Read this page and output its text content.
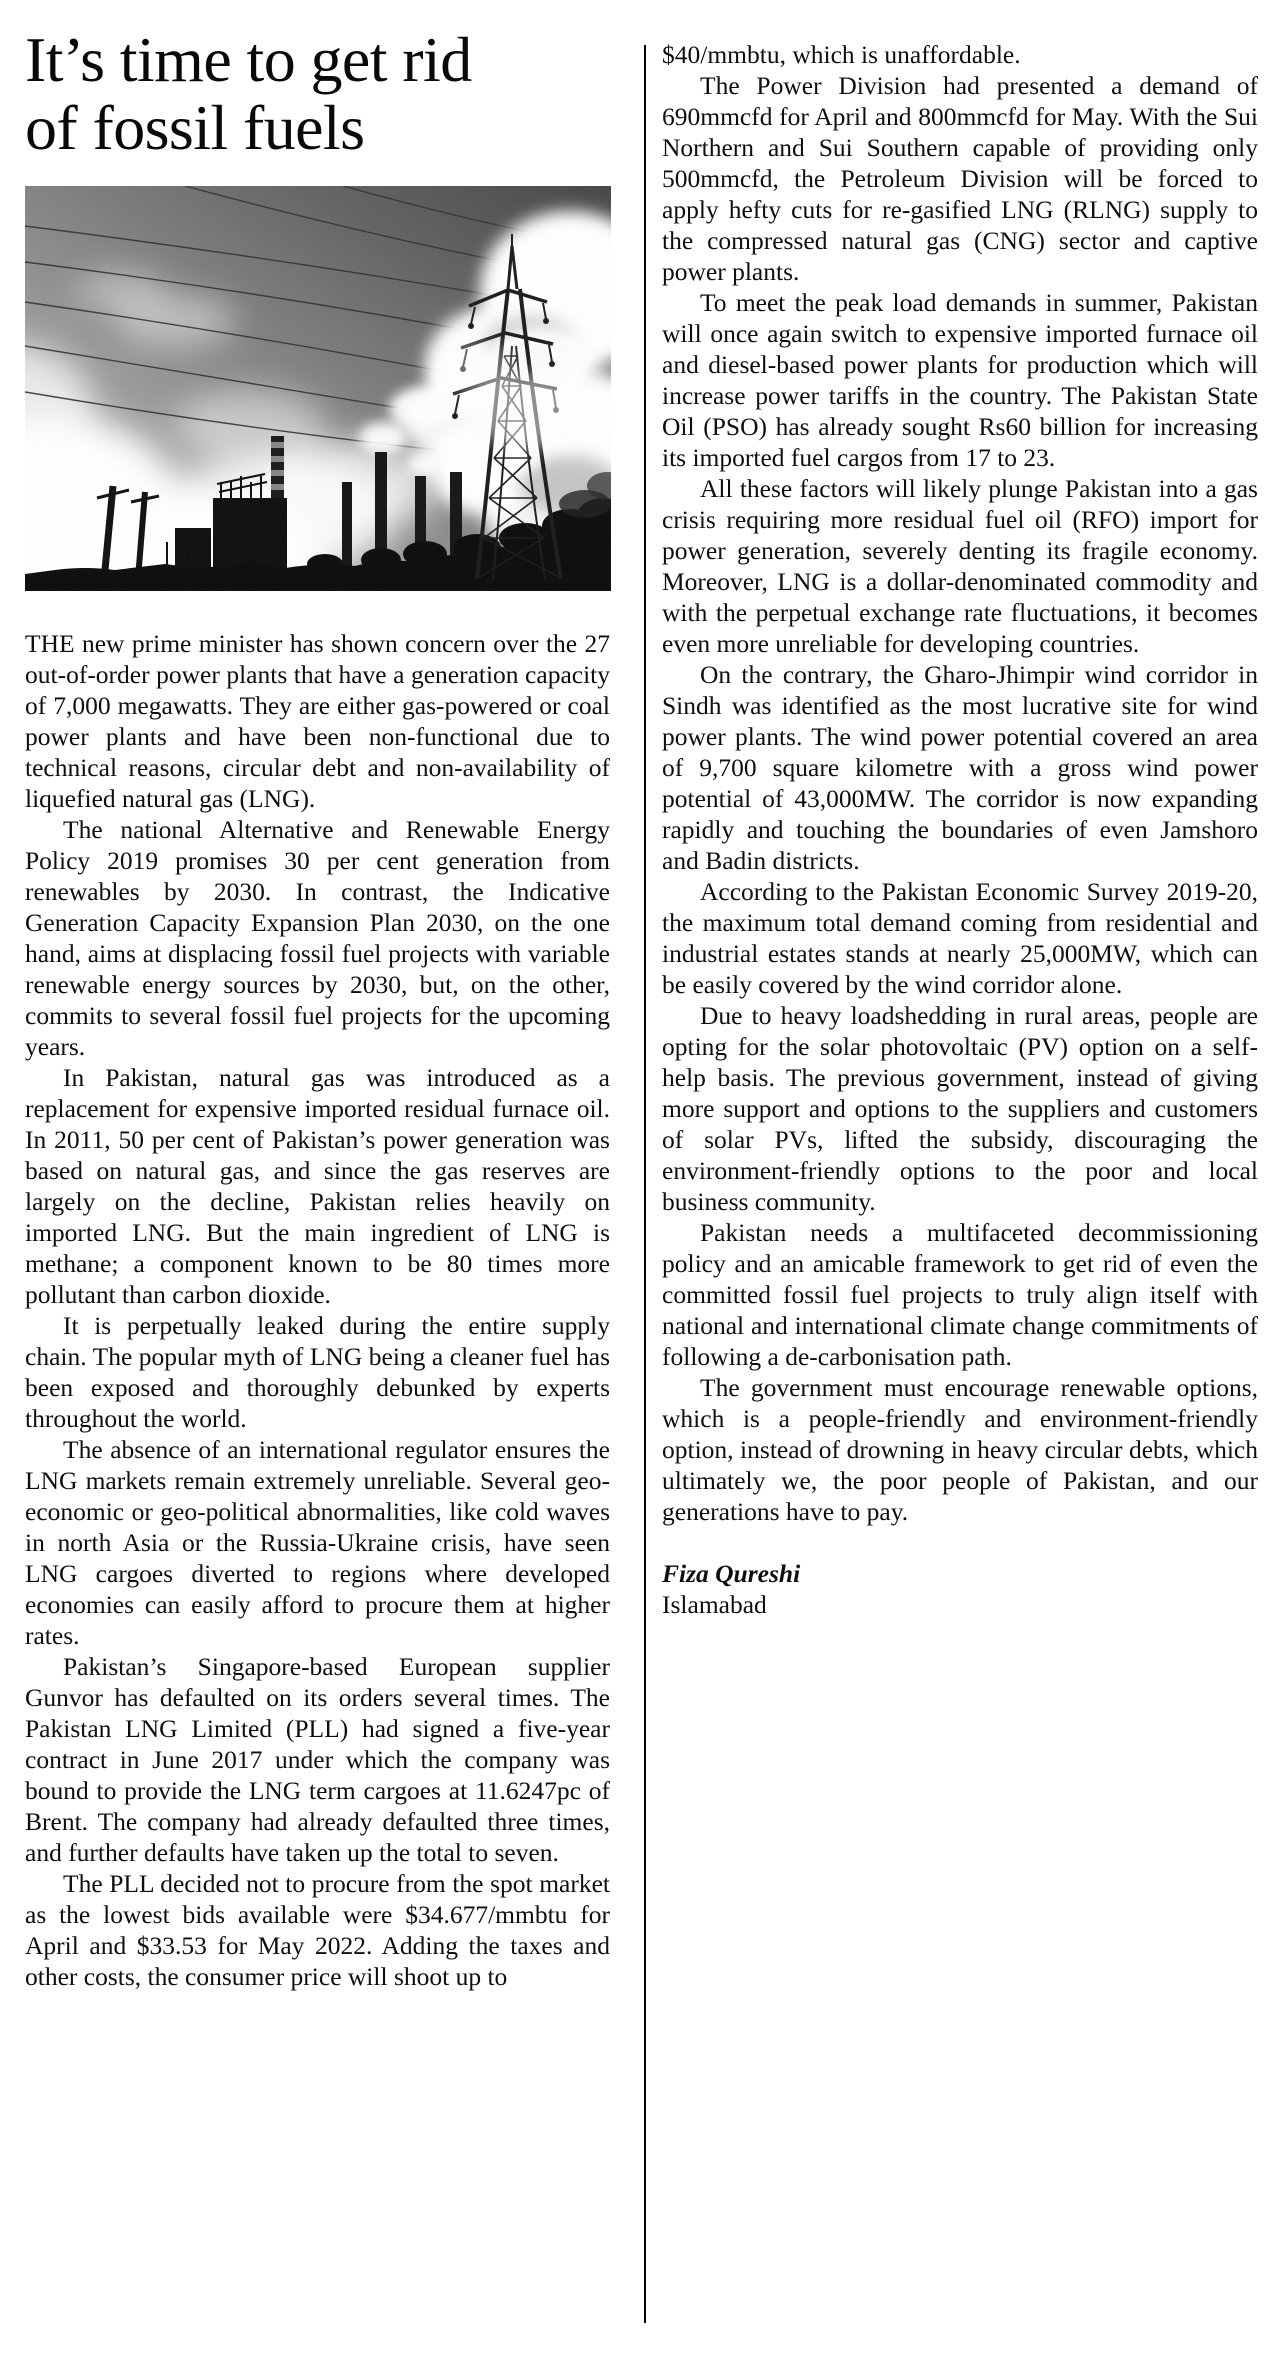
It’s time to get rid
of fossil fuels

THE new prime minister has shown concern over the 27 out-of-order power plants that have a generation capacity of 7,000 megawatts. They are either gas-powered or coal power plants and have been non-functional due to technical reasons, circular debt and non-availability of liquefied natural gas (LNG).

The national Alternative and Renewable Energy Policy 2019 promises 30 per cent generation from renewables by 2030. In contrast, the Indicative Generation Capacity Expansion Plan 2030, on the one hand, aims at displacing fossil fuel projects with variable renewable energy sources by 2030, but, on the other, commits to several fossil fuel projects for the upcoming years.

In Pakistan, natural gas was introduced as a replacement for expensive imported residual furnace oil. In 2011, 50 per cent of Pakistan’s power generation was based on natural gas, and since the gas reserves are largely on the decline, Pakistan relies heavily on imported LNG. But the main ingredient of LNG is methane; a component known to be 80 times more pollutant than carbon dioxide.

It is perpetually leaked during the entire supply chain. The popular myth of LNG being a cleaner fuel has been exposed and thoroughly debunked by experts throughout the world.

The absence of an international regulator ensures the LNG markets remain extremely unreliable. Several geo-economic or geo-political abnormalities, like cold waves in north Asia or the Russia-Ukraine crisis, have seen LNG cargoes diverted to regions where developed economies can easily afford to procure them at higher rates.

Pakistan’s Singapore-based European supplier Gunvor has defaulted on its orders several times. The Pakistan LNG Limited (PLL) had signed a five-year contract in June 2017 under which the company was bound to provide the LNG term cargoes at 11.6247pc of Brent. The company had already defaulted three times, and further defaults have taken up the total to seven.

The PLL decided not to procure from the spot market as the lowest bids available were $34.677/mmbtu for April and $33.53 for May 2022. Adding the taxes and other costs, the consumer price will shoot up to

$40/mmbtu, which is unaffordable.

The Power Division had presented a demand of 690mmcfd for April and 800mmcfd for May. With the Sui Northern and Sui Southern capable of providing only 500mmcfd, the Petroleum Division will be forced to apply hefty cuts for re-gasified LNG (RLNG) supply to the compressed natural gas (CNG) sector and captive power plants.

To meet the peak load demands in summer, Pakistan will once again switch to expensive imported furnace oil and diesel-based power plants for production which will increase power tariffs in the country. The Pakistan State Oil (PSO) has already sought Rs60 billion for increasing its imported fuel cargos from 17 to 23.

All these factors will likely plunge Pakistan into a gas crisis requiring more residual fuel oil (RFO) import for power generation, severely denting its fragile economy. Moreover, LNG is a dollar-denominated commodity and with the perpetual exchange rate fluctuations, it becomes even more unreliable for developing countries.

On the contrary, the Gharo-Jhimpir wind corridor in Sindh was identified as the most lucrative site for wind power plants. The wind power potential covered an area of 9,700 square kilometre with a gross wind power potential of 43,000MW. The corridor is now expanding rapidly and touching the boundaries of even Jamshoro and Badin districts.

According to the Pakistan Economic Survey 2019-20, the maximum total demand coming from residential and industrial estates stands at nearly 25,000MW, which can be easily covered by the wind corridor alone.

Due to heavy loadshedding in rural areas, people are opting for the solar photovoltaic (PV) option on a self-help basis. The previous government, instead of giving more support and options to the suppliers and customers of solar PVs, lifted the subsidy, discouraging the environment-friendly options to the poor and local business community.

Pakistan needs a multifaceted decommissioning policy and an amicable framework to get rid of even the committed fossil fuel projects to truly align itself with national and international climate change commitments of following a de-carbonisation path.

The government must encourage renewable options, which is a people-friendly and environment-friendly option, instead of drowning in heavy circular debts, which ultimately we, the poor people of Pakistan, and our generations have to pay.

Fiza Qureshi

Islamabad
